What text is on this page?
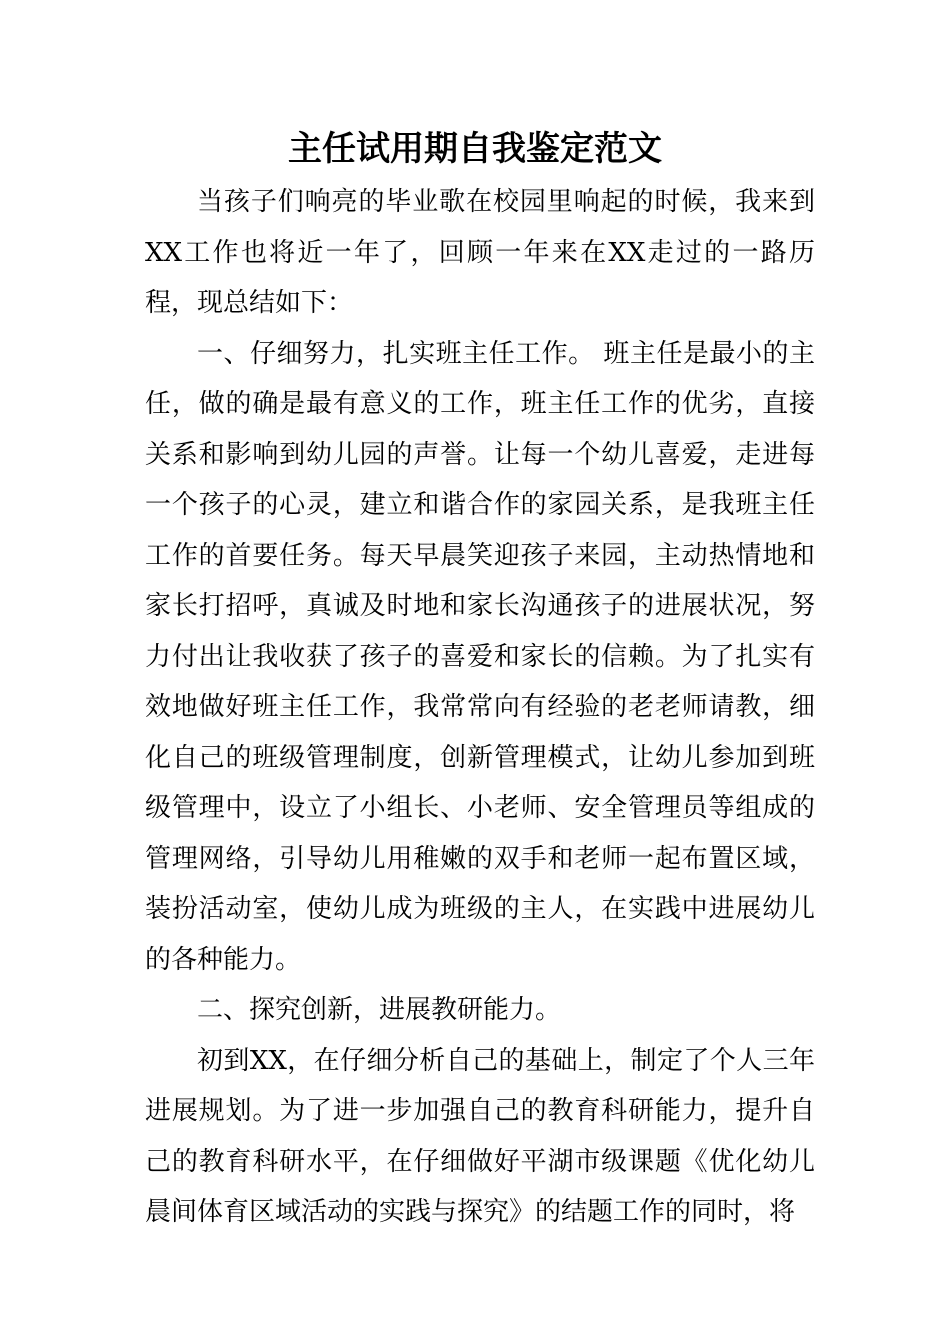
主任试用期自我鉴定范文

当孩子们响亮的毕业歌在校园里响起的时候，我来到XX工作也将近一年了，回顾一年来在XX走过的一路历程，现总结如下：

一、仔细努力，扎实班主任工作。 班主任是最小的主任，做的确是最有意义的工作，班主任工作的优劣，直接关系和影响到幼儿园的声誉。让每一个幼儿喜爱，走进每一个孩子的心灵，建立和谐合作的家园关系，是我班主任工作的首要任务。每天早晨笑迎孩子来园，主动热情地和家长打招呼，真诚及时地和家长沟通孩子的进展状况，努力付出让我收获了孩子的喜爱和家长的信赖。为了扎实有效地做好班主任工作，我常常向有经验的老老师请教，细化自己的班级管理制度，创新管理模式，让幼儿参加到班级管理中，设立了小组长、小老师、安全管理员等组成的管理网络，引导幼儿用稚嫩的双手和老师一起布置区域，装扮活动室，使幼儿成为班级的主人，在实践中进展幼儿的各种能力。

二、探究创新，进展教研能力。

初到XX，在仔细分析自己的基础上，制定了个人三年进展规划。为了进一步加强自己的教育科研能力，提升自己的教育科研水平，在仔细做好平湖市级课题《优化幼儿晨间体育区域活动的实践与探究》的结题工作的同时，将
